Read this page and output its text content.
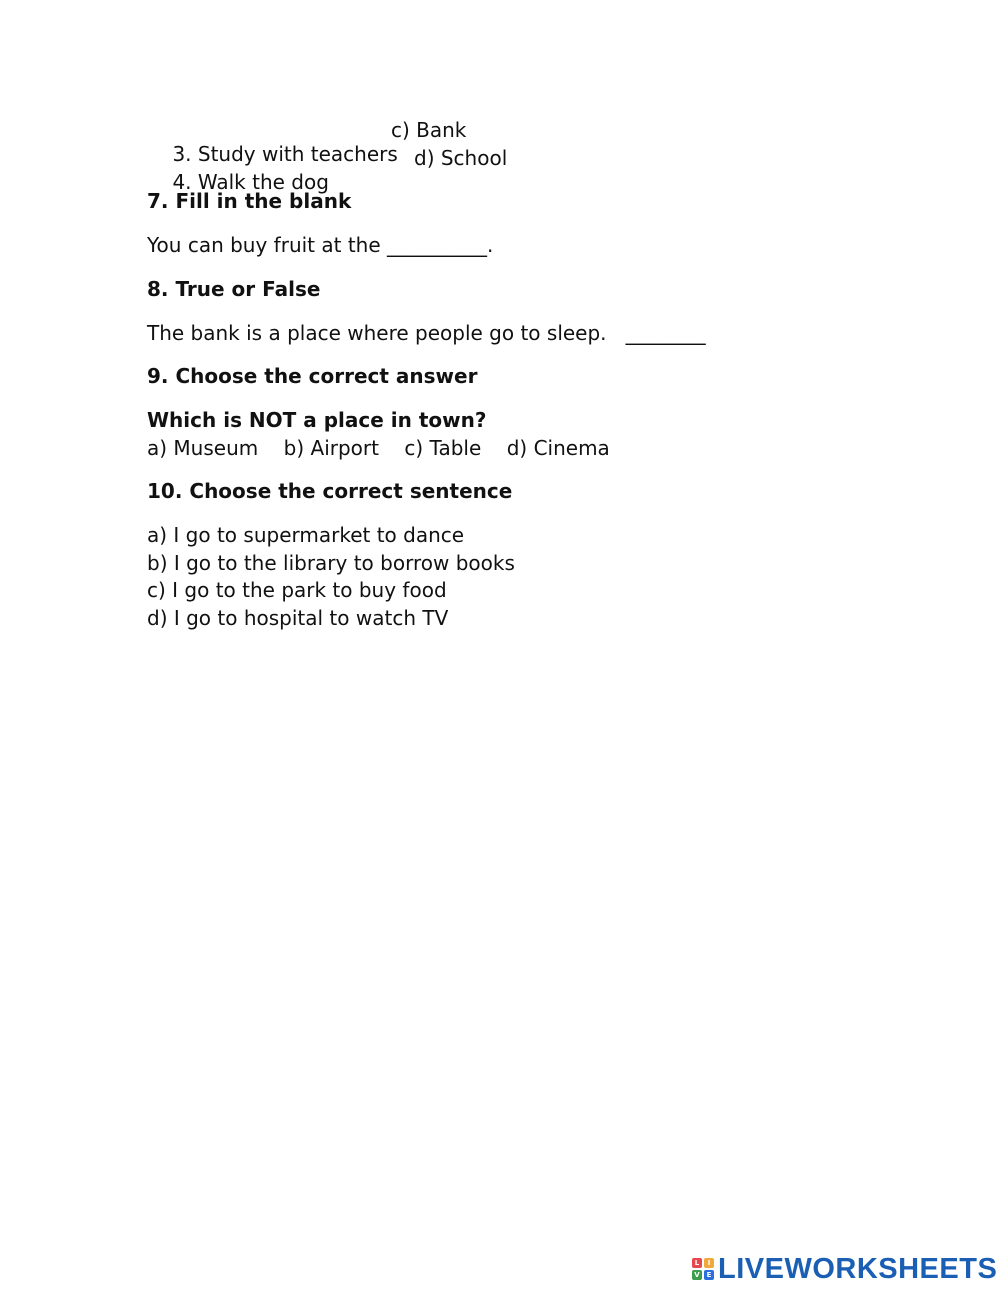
3. Study with teachers

c) Bank

4. Walk the dog

d) School
7. Fill in the blank
You can buy fruit at the __________.
8. True or False
The bank is a place where people go to sleep.   ________
9. Choose the correct answer
Which is NOT a place in town?
a) Museum    b) Airport    c) Table    d) Cinema
10. Choose the correct sentence
a) I go to supermarket to dance
b) I go to the library to borrow books
c) I go to the park to buy food
d) I go to hospital to watch TV
L	I
V E LIVEWORKSHEETS
